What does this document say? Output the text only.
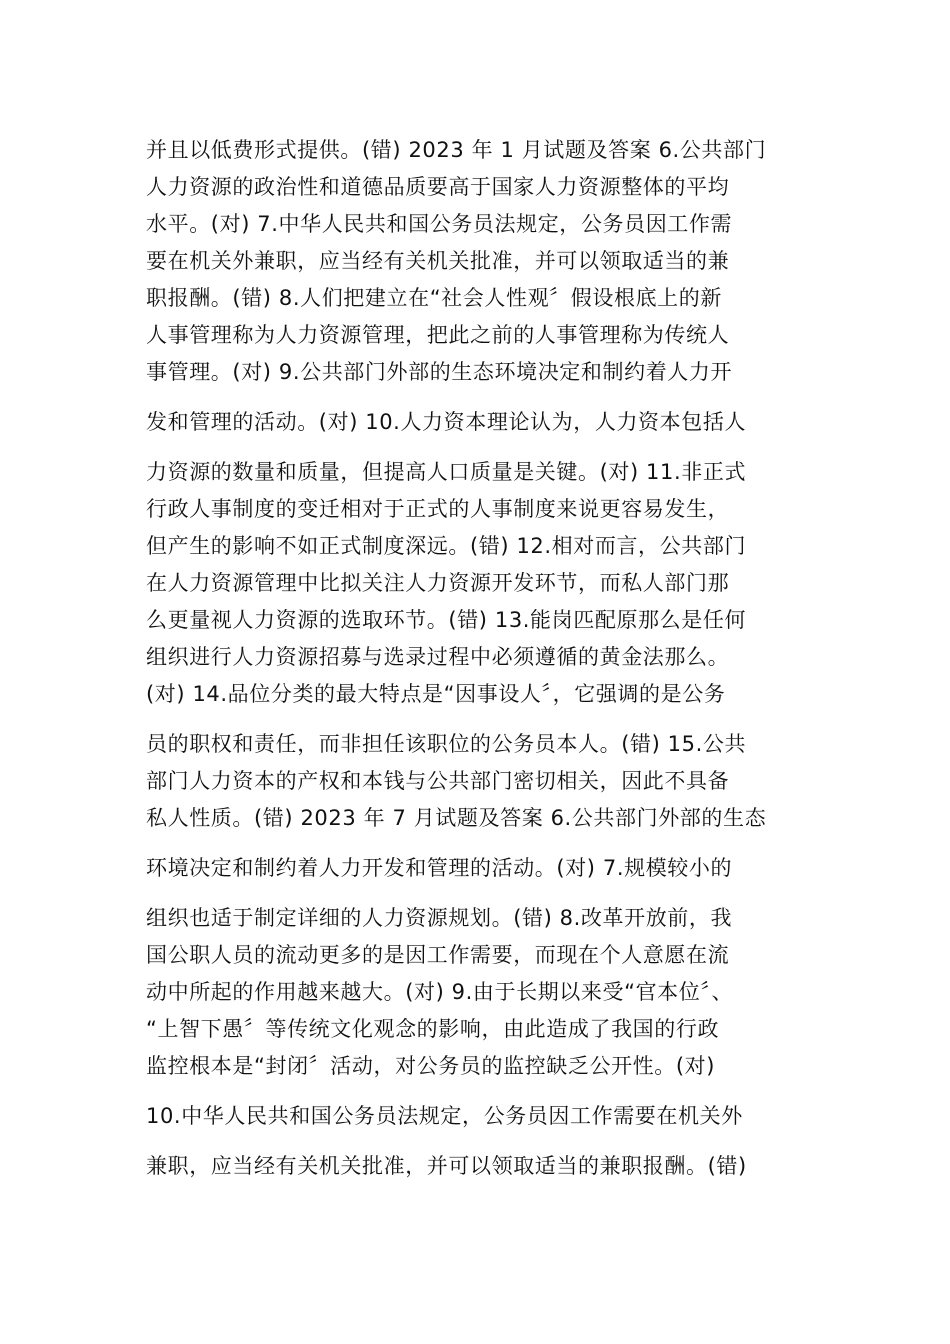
并且以低费形式提供。(错) 2023 年 1 月试题及答案 6.公共部门
人力资源的政治性和道德品质要高于国家人力资源整体的平均
水平。(对) 7.中华人民共和国公务员法规定，公务员因工作需
要在机关外兼职，应当经有关机关批准，并可以领取适当的兼
职报酬。(错) 8.人们把建立在“社会人性观〞假设根底上的新
人事管理称为人力资源管理，把此之前的人事管理称为传统人
事管理。(对) 9.公共部门外部的生态环境决定和制约着人力开
发和管理的活动。(对) 10.人力资本理论认为，人力资本包括人
力资源的数量和质量，但提高人口质量是关键。(对) 11.非正式
行政人事制度的变迁相对于正式的人事制度来说更容易发生，
但产生的影响不如正式制度深远。(错) 12.相对而言，公共部门
在人力资源管理中比拟关注人力资源开发环节，而私人部门那
么更量视人力资源的选取环节。(错) 13.能岗匹配原那么是任何
组织进行人力资源招募与选录过程中必须遵循的黄金法那么。
(对) 14.品位分类的最大特点是“因事设人〞，它强调的是公务
员的职权和责任，而非担任该职位的公务员本人。(错) 15.公共
部门人力资本的产权和本钱与公共部门密切相关，因此不具备
私人性质。(错) 2023 年 7 月试题及答案 6.公共部门外部的生态
环境决定和制约着人力开发和管理的活动。(对) 7.规模较小的
组织也适于制定详细的人力资源规划。(错) 8.改革开放前，我
国公职人员的流动更多的是因工作需要，而现在个人意愿在流
动中所起的作用越来越大。(对) 9.由于长期以来受“官本位〞、
“上智下愚〞等传统文化观念的影响，由此造成了我国的行政
监控根本是“封闭〞活动，对公务员的监控缺乏公开性。(对)
10.中华人民共和国公务员法规定，公务员因工作需要在机关外
兼职，应当经有关机关批准，并可以领取适当的兼职报酬。(错)
